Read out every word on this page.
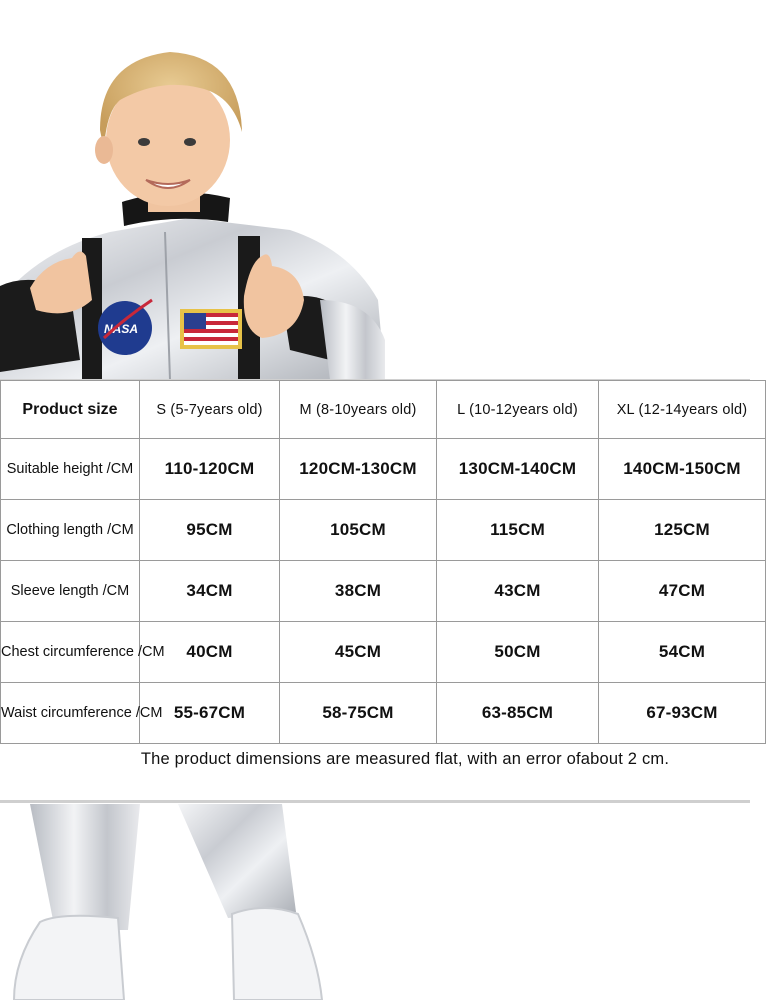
NASA
Product size	S (5-7years old)	M (8-10years old)	L (10-12years old)	XL (12-14years old)
Suitable height /CM	110-120CM	120CM-130CM	130CM-140CM	140CM-150CM
Clothing length /CM	95CM	105CM	115CM	125CM
Sleeve length /CM	34CM	38CM	43CM	47CM
Chest circumference /CM	40CM	45CM	50CM	54CM
Waist circumference /CM	55-67CM	58-75CM	63-85CM	67-93CM
The product dimensions are measured flat, with an error ofabout 2 cm.
